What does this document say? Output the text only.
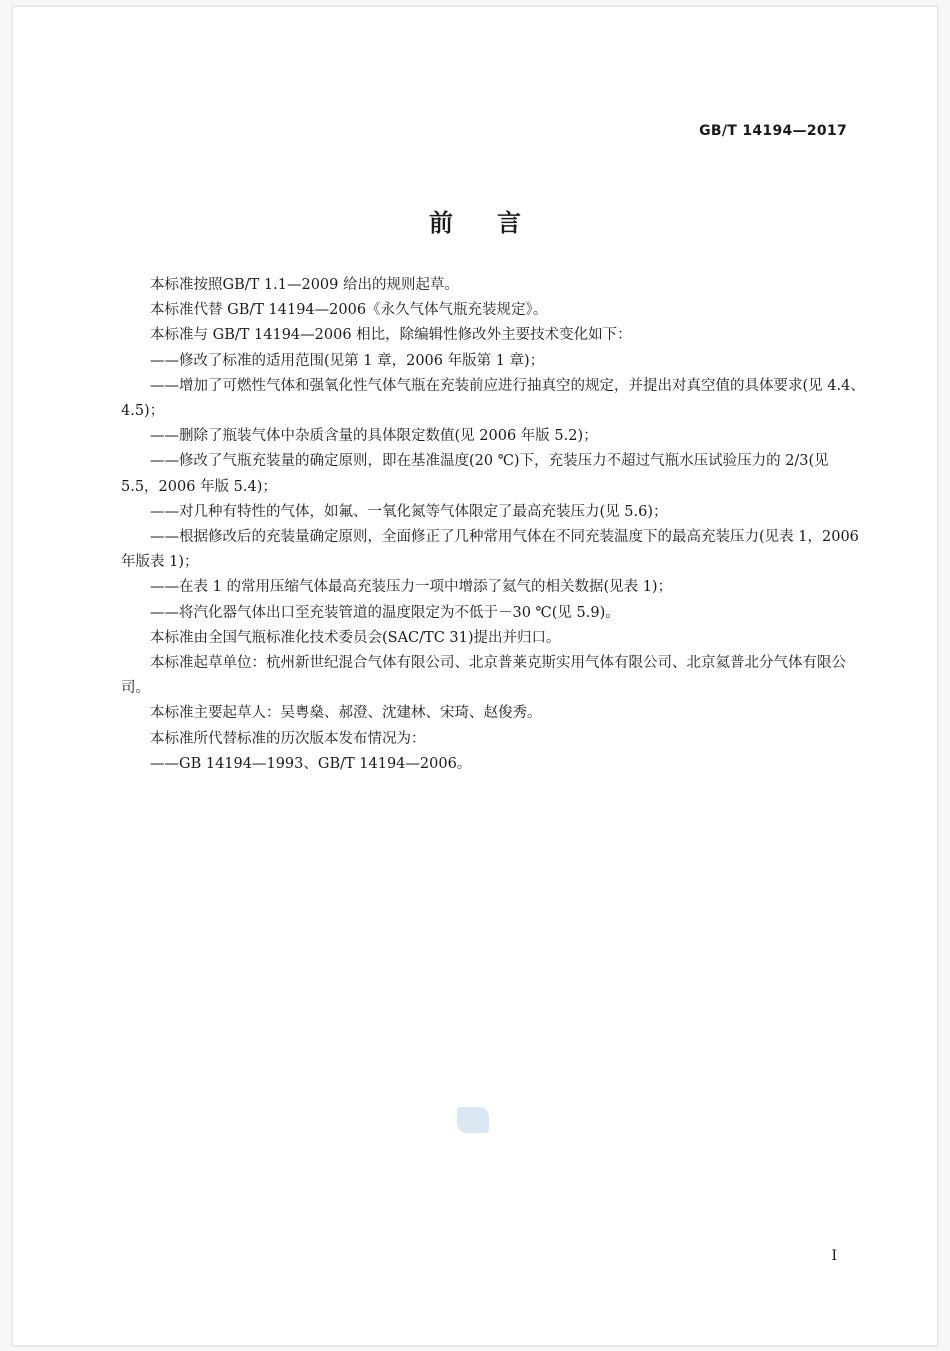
GB/T 14194—2017
前言

本标准按照GB/T 1.1—2009 给出的规则起草。

本标准代替 GB/T 14194—2006《永久气体气瓶充装规定》。

本标准与 GB/T 14194—2006 相比，除编辑性修改外主要技术变化如下：

——修改了标准的适用范围(见第 1 章，2006 年版第 1 章)；

——增加了可燃性气体和强氧化性气体气瓶在充装前应进行抽真空的规定，并提出对真空值的具体要求(见 4.4、4.5)；

——删除了瓶装气体中杂质含量的具体限定数值(见 2006 年版 5.2)；

——修改了气瓶充装量的确定原则，即在基准温度(20 ℃)下，充装压力不超过气瓶水压试验压力的 2/3(见 5.5，2006 年版 5.4)；

——对几种有特性的气体，如氟、一氧化氮等气体限定了最高充装压力(见 5.6)；

——根据修改后的充装量确定原则，全面修正了几种常用气体在不同充装温度下的最高充装压力(见表 1，2006 年版表 1)；

——在表 1 的常用压缩气体最高充装压力一项中增添了氦气的相关数据(见表 1)；

——将汽化器气体出口至充装管道的温度限定为不低于－30 ℃(见 5.9)。

本标准由全国气瓶标准化技术委员会(SAC/TC 31)提出并归口。

本标准起草单位：杭州新世纪混合气体有限公司、北京普莱克斯实用气体有限公司、北京氦普北分气体有限公司。

本标准主要起草人：吴粤燊、郝澄、沈建林、宋琦、赵俊秀。

本标准所代替标准的历次版本发布情况为：

——GB 14194—1993、GB/T 14194—2006。

I
